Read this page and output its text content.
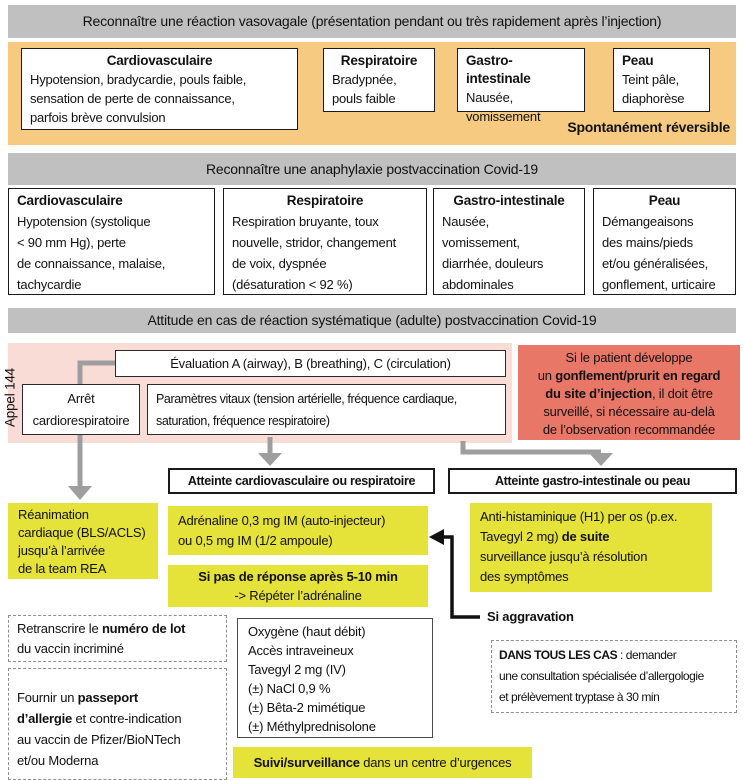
Reconnaître une réaction vasovagale (présentation pendant ou très rapidement après l’injection)
Cardiovasculaire
Hypotension, bradycardie, pouls faible,
sensation de perte de connaissance,
parfois brève convulsion
Respiratoire
Bradypnée,
pouls faible
Gastro-intestinale
Nausée,
vomissement
Peau
Teint pâle,
diaphorèse
Spontanément réversible
Reconnaître une anaphylaxie postvaccination Covid-19
Cardiovasculaire
Hypotension (systolique
< 90 mm Hg), perte
de connaissance, malaise,
tachycardie
Respiratoire
Respiration bruyante, toux
nouvelle, stridor, changement
de voix, dyspnée
(désaturation < 92 %)
Gastro-intestinale
Nausée,
vomissement,
diarrhée, douleurs
abdominales
Peau
Démangeaisons
des mains/pieds
et/ou généralisées,
gonflement, urticaire
Attitude en cas de réaction systématique (adulte) postvaccination Covid-19
Appel 144
Évaluation A (airway), B (breathing), C (circulation)
Arrêt
cardiorespiratoire
Paramètres vitaux (tension artérielle, fréquence cardiaque,
saturation, fréquence respiratoire)
Si le patient développe
un gonflement/prurit en regard
du site d’injection, il doit être
surveillé, si nécessaire au-delà
de l’observation recommandée
Atteinte cardiovasculaire ou respiratoire	Atteinte gastro-intestinale ou peau
Réanimation
cardiaque (BLS/ACLS)
jusqu’à l’arrivée
de la team REA
Adrénaline 0,3 mg IM (auto-injecteur)
ou 0,5 mg IM (1/2 ampoule)
Si pas de réponse après 5-10 min
-> Répéter l’adrénaline
Anti-histaminique (H1) per os (p.ex.
Tavegyl 2 mg) de suite
surveillance jusqu’à résolution
des symptômes
Si aggravation
Retranscrire le numéro de lot
du vaccin incriminé
Fournir un passeport
d’allergie et contre-indication
au vaccin de Pfizer/BioNTech
et/ou Moderna
Oxygène (haut débit)
Accès intraveineux
Tavegyl 2 mg (IV)
(±) NaCl 0,9 %
(±) Bêta-2 mimétique
(±) Méthylprednisolone
DANS TOUS LES CAS : demander
une consultation spécialisée d’allergologie
et prélèvement tryptase à 30 min
Suivi/surveillance dans un centre d’urgences
